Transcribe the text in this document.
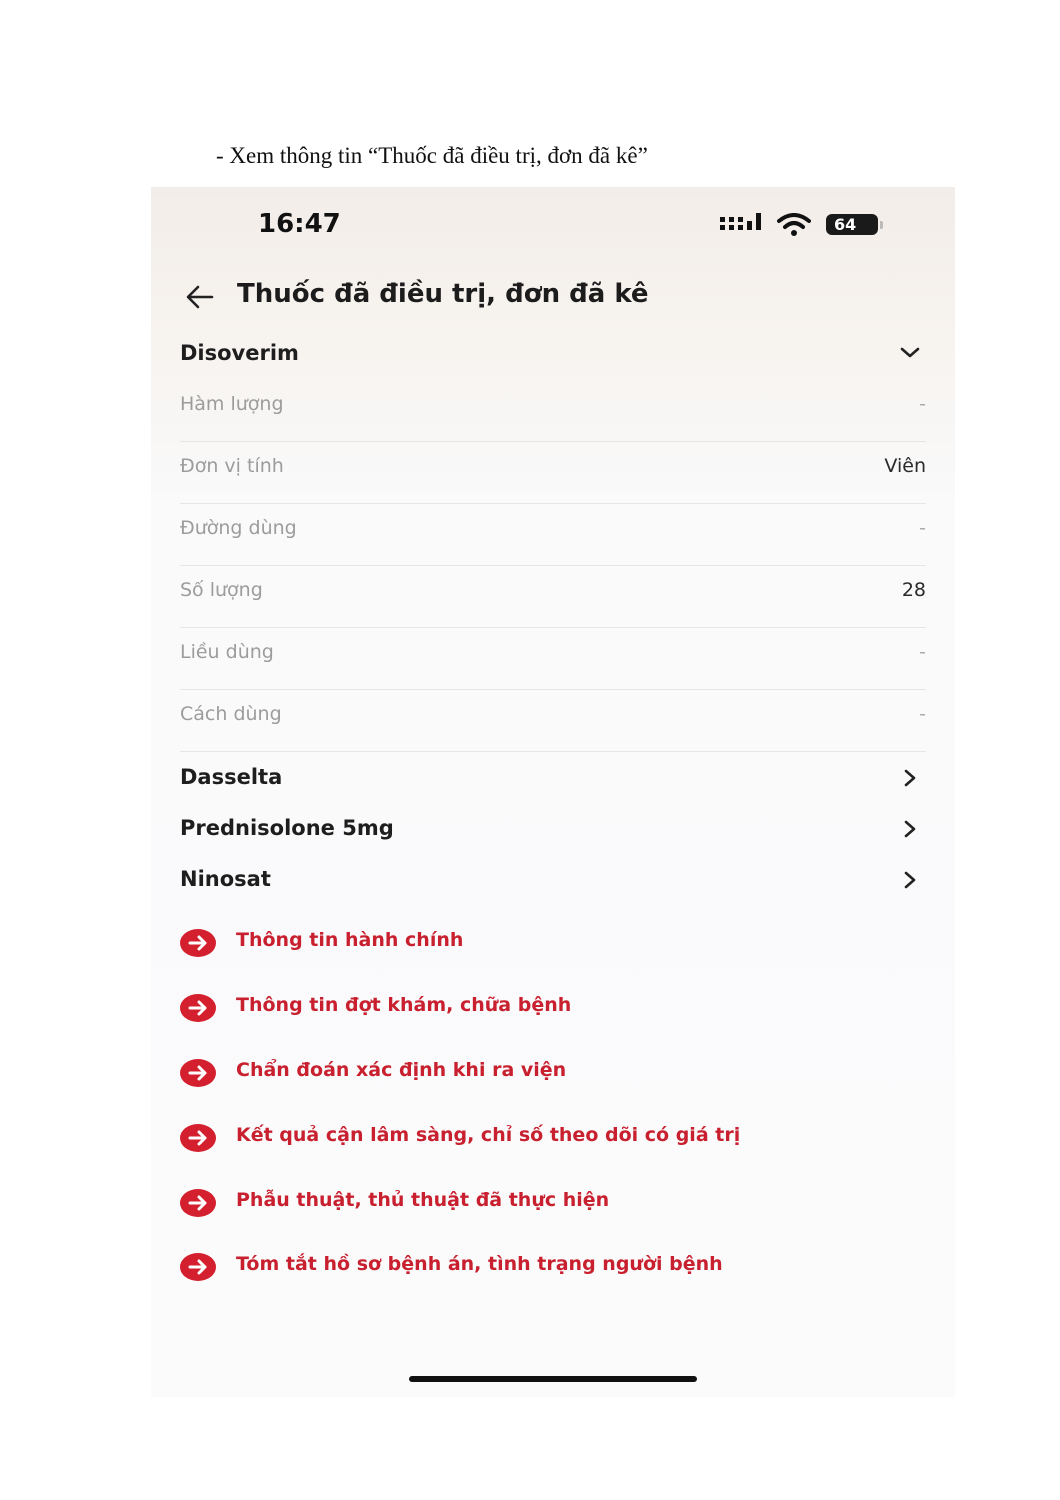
- Xem thông tin “Thuốc đã điều trị, đơn đã kê”
16:47	64
Thuốc đã điều trị, đơn đã kê
Disoverim
Hàm lượng	-
Đơn vị tính	Viên
Đường dùng	-
Số lượng	28
Liều dùng	-
Cách dùng	-
Dasselta
Prednisolone 5mg
Ninosat
Thông tin hành chính
Thông tin đợt khám, chữa bệnh
Chẩn đoán xác định khi ra viện
Kết quả cận lâm sàng, chỉ số theo dõi có giá trị
Phẫu thuật, thủ thuật đã thực hiện
Tóm tắt hồ sơ bệnh án, tình trạng người bệnh
